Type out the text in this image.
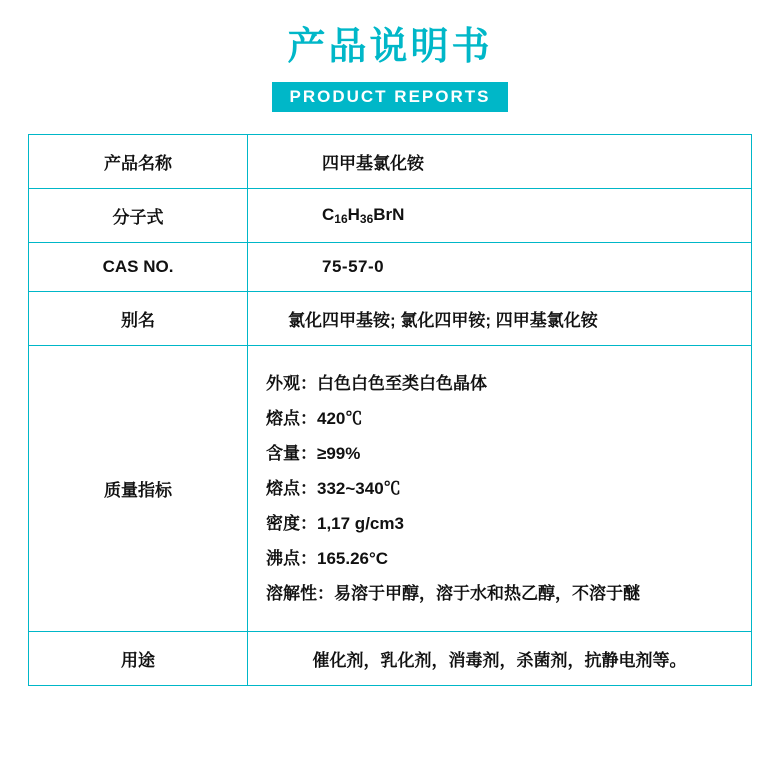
产品说明书
PRODUCT REPORTS
产品名称	四甲基氯化铵
分子式	$C_{16}H_{36}BrN$
CAS NO.	75-57-0
别名	氯化四甲基铵; 氯化四甲铵; 四甲基氯化铵
质量指标	
外观：白色白色至类白色晶体
熔点：420℃
含量：≥99%
熔点：332~340℃
密度：1,17 g/cm3
沸点：165.26°C
溶解性：易溶于甲醇，溶于水和热乙醇，不溶于醚

用途	催化剂，乳化剂，消毒剂，杀菌剂，抗静电剂等。
